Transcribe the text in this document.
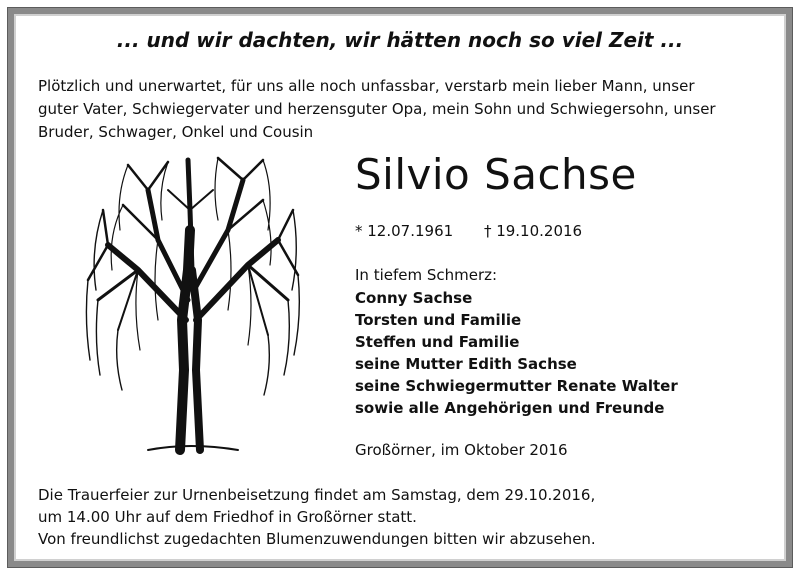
... und wir dachten, wir hätten noch so viel Zeit ...
Plötzlich und unerwartet, für uns alle noch unfassbar, verstarb mein lieber Mann, unser
guter Vater, Schwiegervater und herzensguter Opa, mein Sohn und Schwiegersohn, unser
Bruder, Schwager, Onkel und Cousin
Silvio Sachse
* 12.07.1961 † 19.10.2016
In tiefem Schmerz:
Conny Sachse
Torsten und Familie
Steffen und Familie
seine Mutter Edith Sachse
seine Schwiegermutter Renate Walter
sowie alle Angehörigen und Freunde
Großörner, im Oktober 2016
Die Trauerfeier zur Urnenbeisetzung findet am Samstag, dem 29.10.2016,
um 14.00 Uhr auf dem Friedhof in Großörner statt.
Von freundlichst zugedachten Blumenzuwendungen bitten wir abzusehen.
